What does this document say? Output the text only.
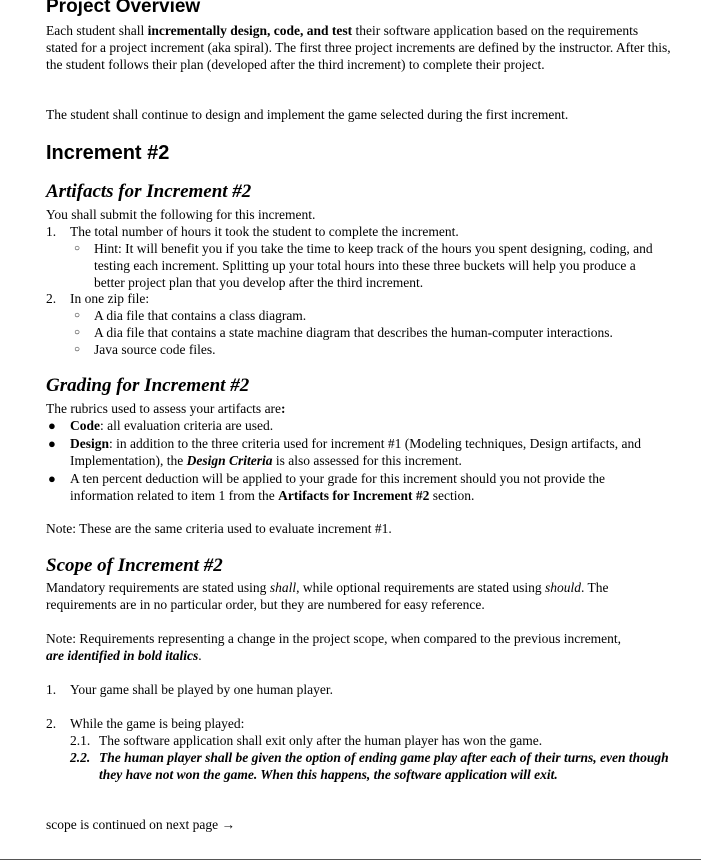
Project Overview
Each student shall incrementally design, code, and test their software application based on the requirements stated for a project increment (aka spiral). The first three project increments are defined by the instructor. After this, the student follows their plan (developed after the third increment) to complete their project.
The student shall continue to design and implement the game selected during the first increment.
Increment #2
Artifacts for Increment #2
You shall submit the following for this increment.
1. The total number of hours it took the student to complete the increment.
○ Hint: It will benefit you if you take the time to keep track of the hours you spent designing, coding, and testing each increment. Splitting up your total hours into these three buckets will help you produce a better project plan that you develop after the third increment.
2. In one zip file:
○ A dia file that contains a class diagram.
○ A dia file that contains a state machine diagram that describes the human-computer interactions.
○ Java source code files.
Grading for Increment #2
The rubrics used to assess your artifacts are:
● Code: all evaluation criteria are used.
● Design: in addition to the three criteria used for increment #1 (Modeling techniques, Design artifacts, and Implementation), the Design Criteria is also assessed for this increment.
● A ten percent deduction will be applied to your grade for this increment should you not provide the information related to item 1 from the Artifacts for Increment #2 section.
Note: These are the same criteria used to evaluate increment #1.
Scope of Increment #2
Mandatory requirements are stated using shall, while optional requirements are stated using should. The requirements are in no particular order, but they are numbered for easy reference.
Note: Requirements representing a change in the project scope, when compared to the previous increment, are identified in bold italics.
1. Your game shall be played by one human player.
2. While the game is being played:
2.1. The software application shall exit only after the human player has won the game.
2.2. The human player shall be given the option of ending game play after each of their turns, even though they have not won the game. When this happens, the software application will exit.
scope is continued on next page →
